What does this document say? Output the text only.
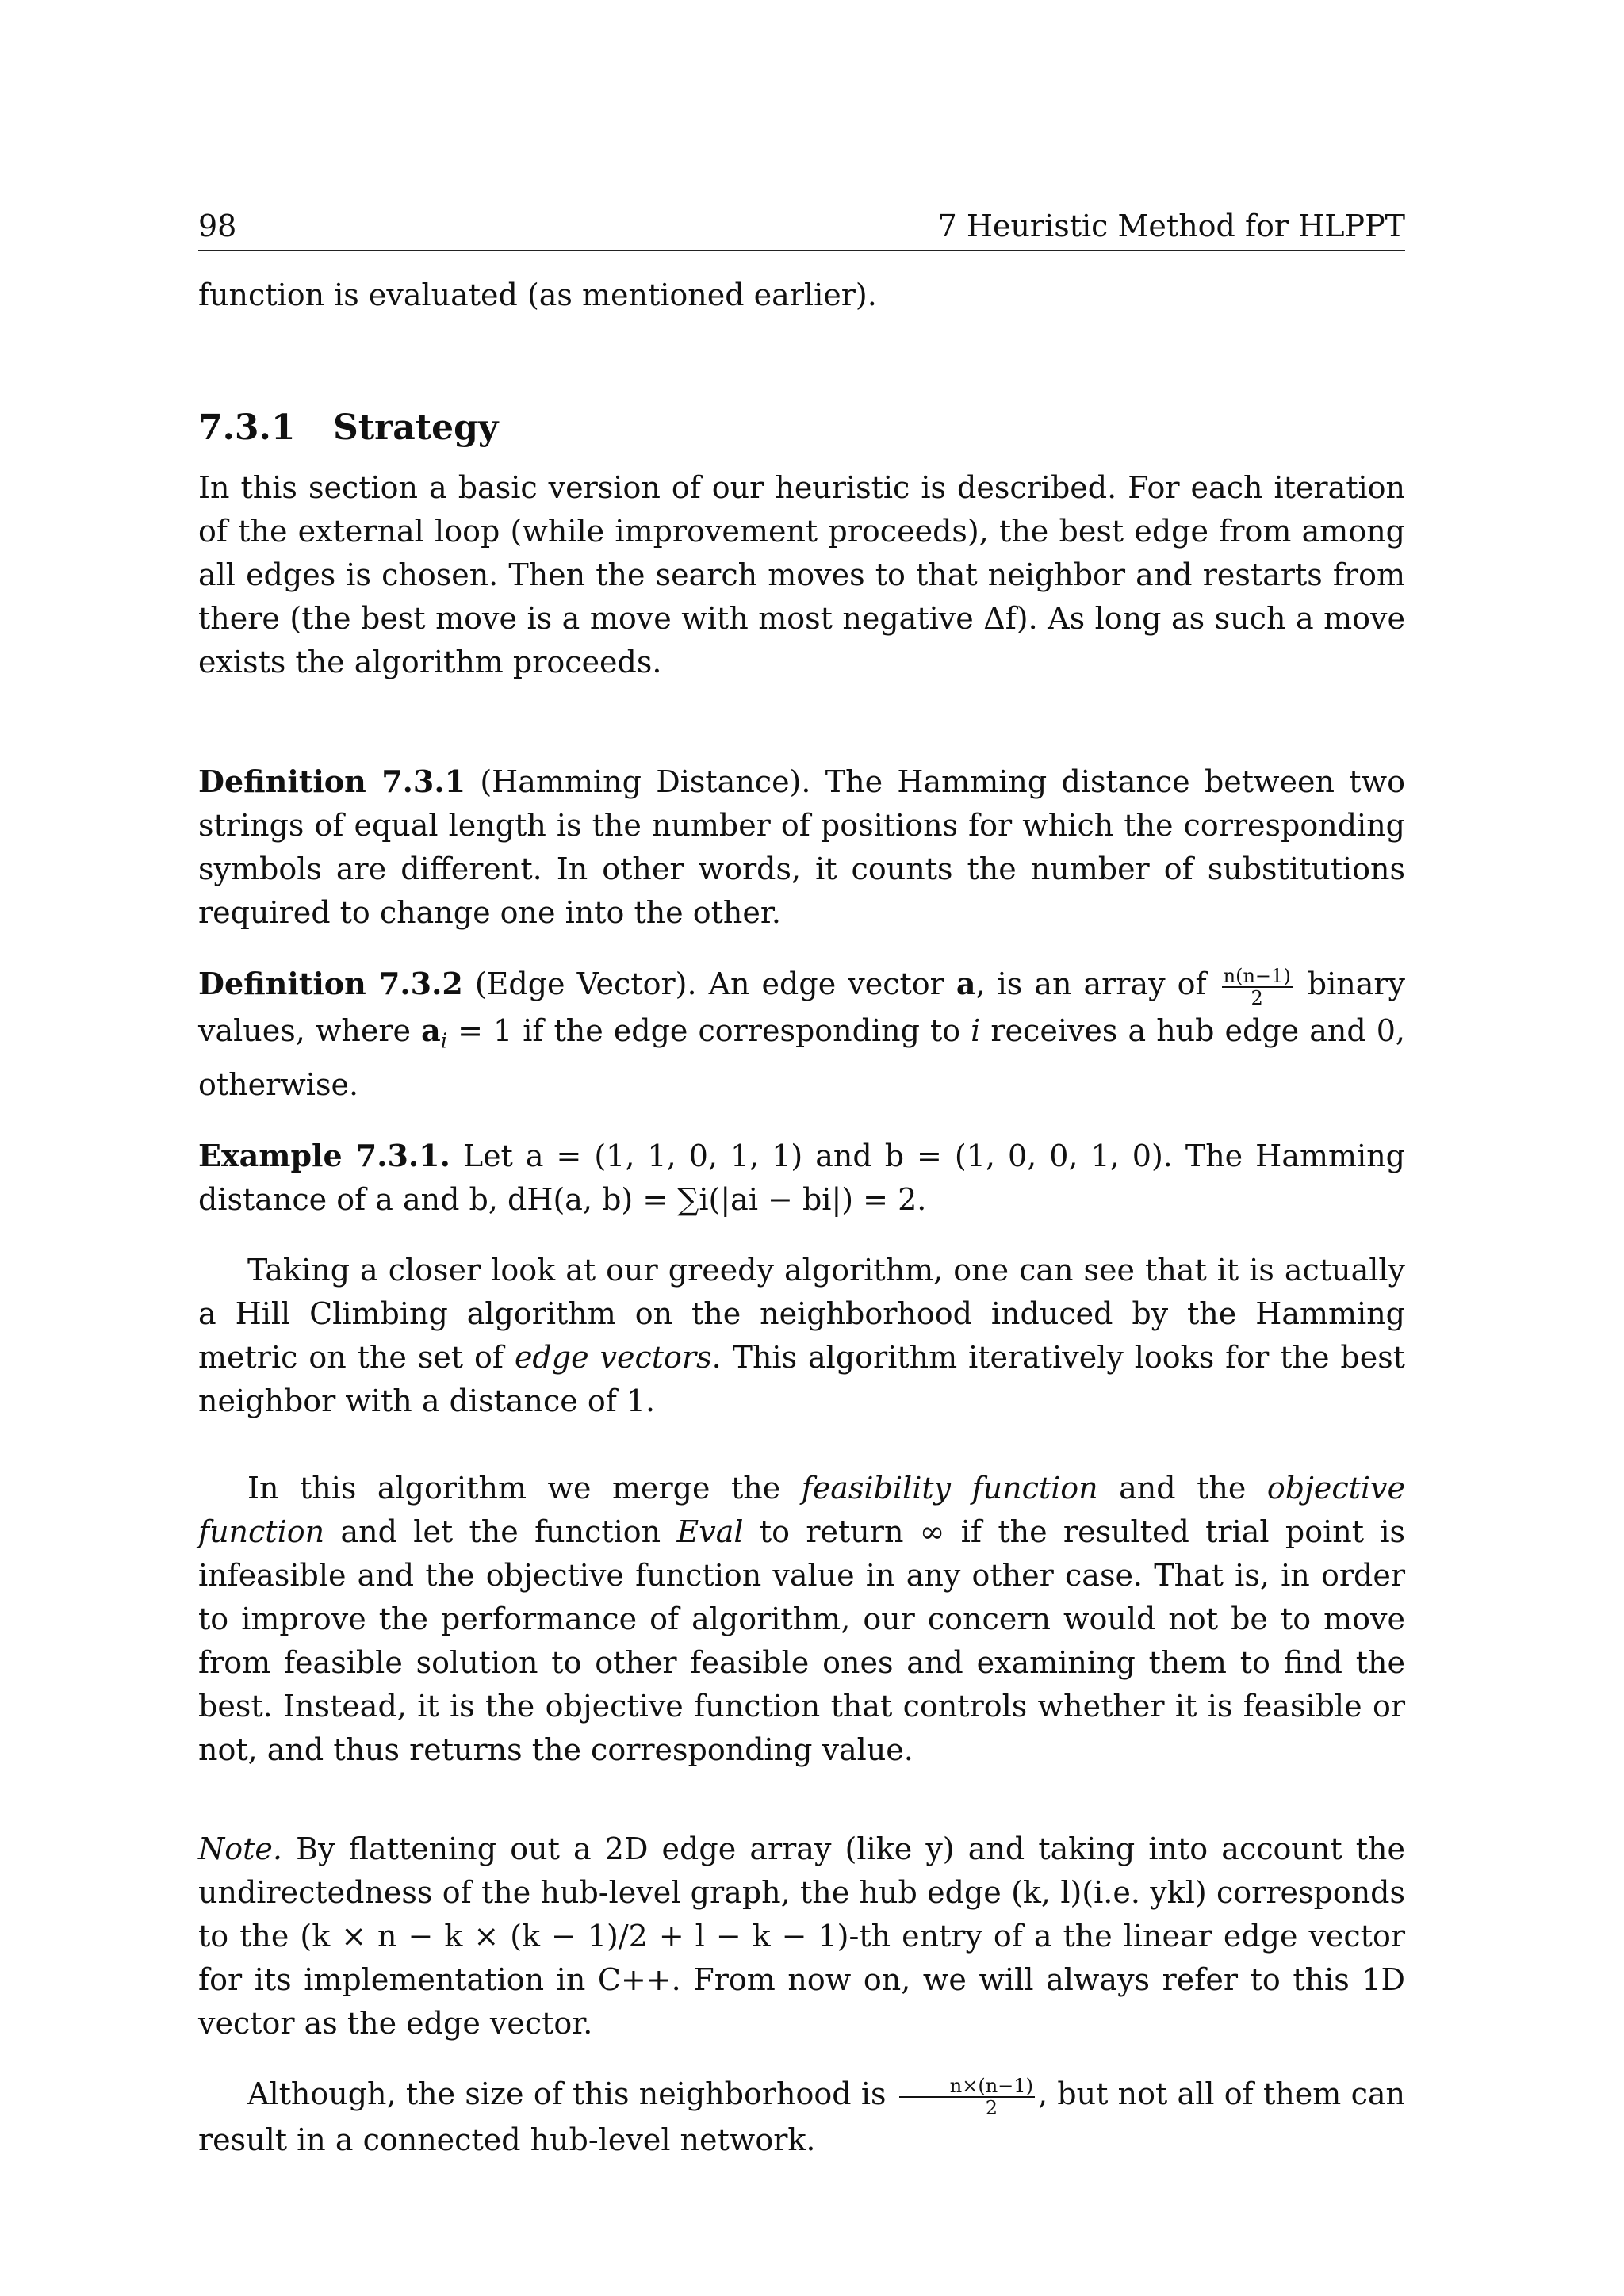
98	7 Heuristic Method for HLPPT

function is evaluated (as mentioned earlier).

7.3.1 Strategy

In this section a basic version of our heuristic is described. For each iteration of the external loop (while improvement proceeds), the best edge from among all edges is chosen. Then the search moves to that neighbor and restarts from there (the best move is a move with most negative Δf). As long as such a move exists the algorithm proceeds.

Definition 7.3.1 (Hamming Distance). The Hamming distance between two strings of equal length is the number of positions for which the corresponding symbols are different. In other words, it counts the number of substitutions required to change one into the other.

Definition 7.3.2 (Edge Vector). An edge vector a, is an array of $\frac{n(n-1)}{2}$ binary values, where $a_i = 1$ if the edge corresponding to i receives a hub edge and 0, otherwise.

Example 7.3.1. Let a = (1, 1, 0, 1, 1) and b = (1, 0, 0, 1, 0). The Hamming distance of a and b, dH(a, b) = ∑i(|ai − bi|) = 2.

Taking a closer look at our greedy algorithm, one can see that it is actually a Hill Climbing algorithm on the neighborhood induced by the Hamming metric on the set of edge vectors. This algorithm iteratively looks for the best neighbor with a distance of 1.

In this algorithm we merge the feasibility function and the objective function and let the function Eval to return ∞ if the resulted trial point is infeasible and the objective function value in any other case. That is, in order to improve the performance of algorithm, our concern would not be to move from feasible solution to other feasible ones and examining them to find the best. Instead, it is the objective function that controls whether it is feasible or not, and thus returns the corresponding value.

Note. By flattening out a 2D edge array (like y) and taking into account the undirectedness of the hub-level graph, the hub edge (k, l)(i.e. ykl) corresponds to the (k × n − k × (k − 1)/2 + l − k − 1)-th entry of a the linear edge vector for its implementation in C++. From now on, we will always refer to this 1D vector as the edge vector.

Although, the size of this neighborhood is $\frac{n\times(n-1)}{2}$ , but not all of them can result in a connected hub-level network.
